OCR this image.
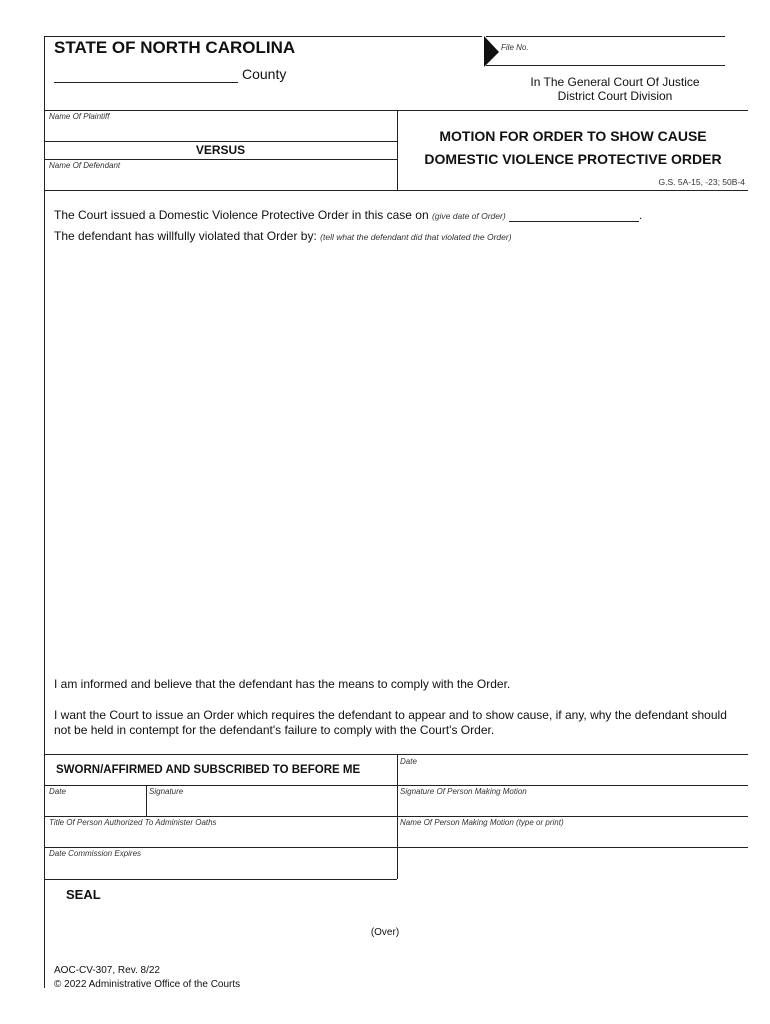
STATE OF NORTH CAROLINA
County
File No.
In The General Court Of Justice
District Court Division
Name Of Plaintiff
VERSUS
Name Of Defendant
MOTION FOR ORDER TO SHOW CAUSE
DOMESTIC VIOLENCE PROTECTIVE ORDER
G.S. 5A-15, -23; 50B-4
The Court issued a Domestic Violence Protective Order in this case on (give date of Order)	.
The defendant has willfully violated that Order by: (tell what the defendant did that violated the Order)
I am informed and believe that the defendant has the means to comply with the Order.
I want the Court to issue an Order which requires the defendant to appear and to show cause, if any, why the defendant should not be held in contempt for the defendant's failure to comply with the Court's Order.
SWORN/AFFIRMED AND SUBSCRIBED TO BEFORE ME
Date
Date	Signature	Signature Of Person Making Motion
Title Of Person Authorized To Administer Oaths	Name Of Person Making Motion (type or print)
Date Commission Expires
SEAL
(Over)
AOC-CV-307, Rev. 8/22
© 2022 Administrative Office of the Courts
